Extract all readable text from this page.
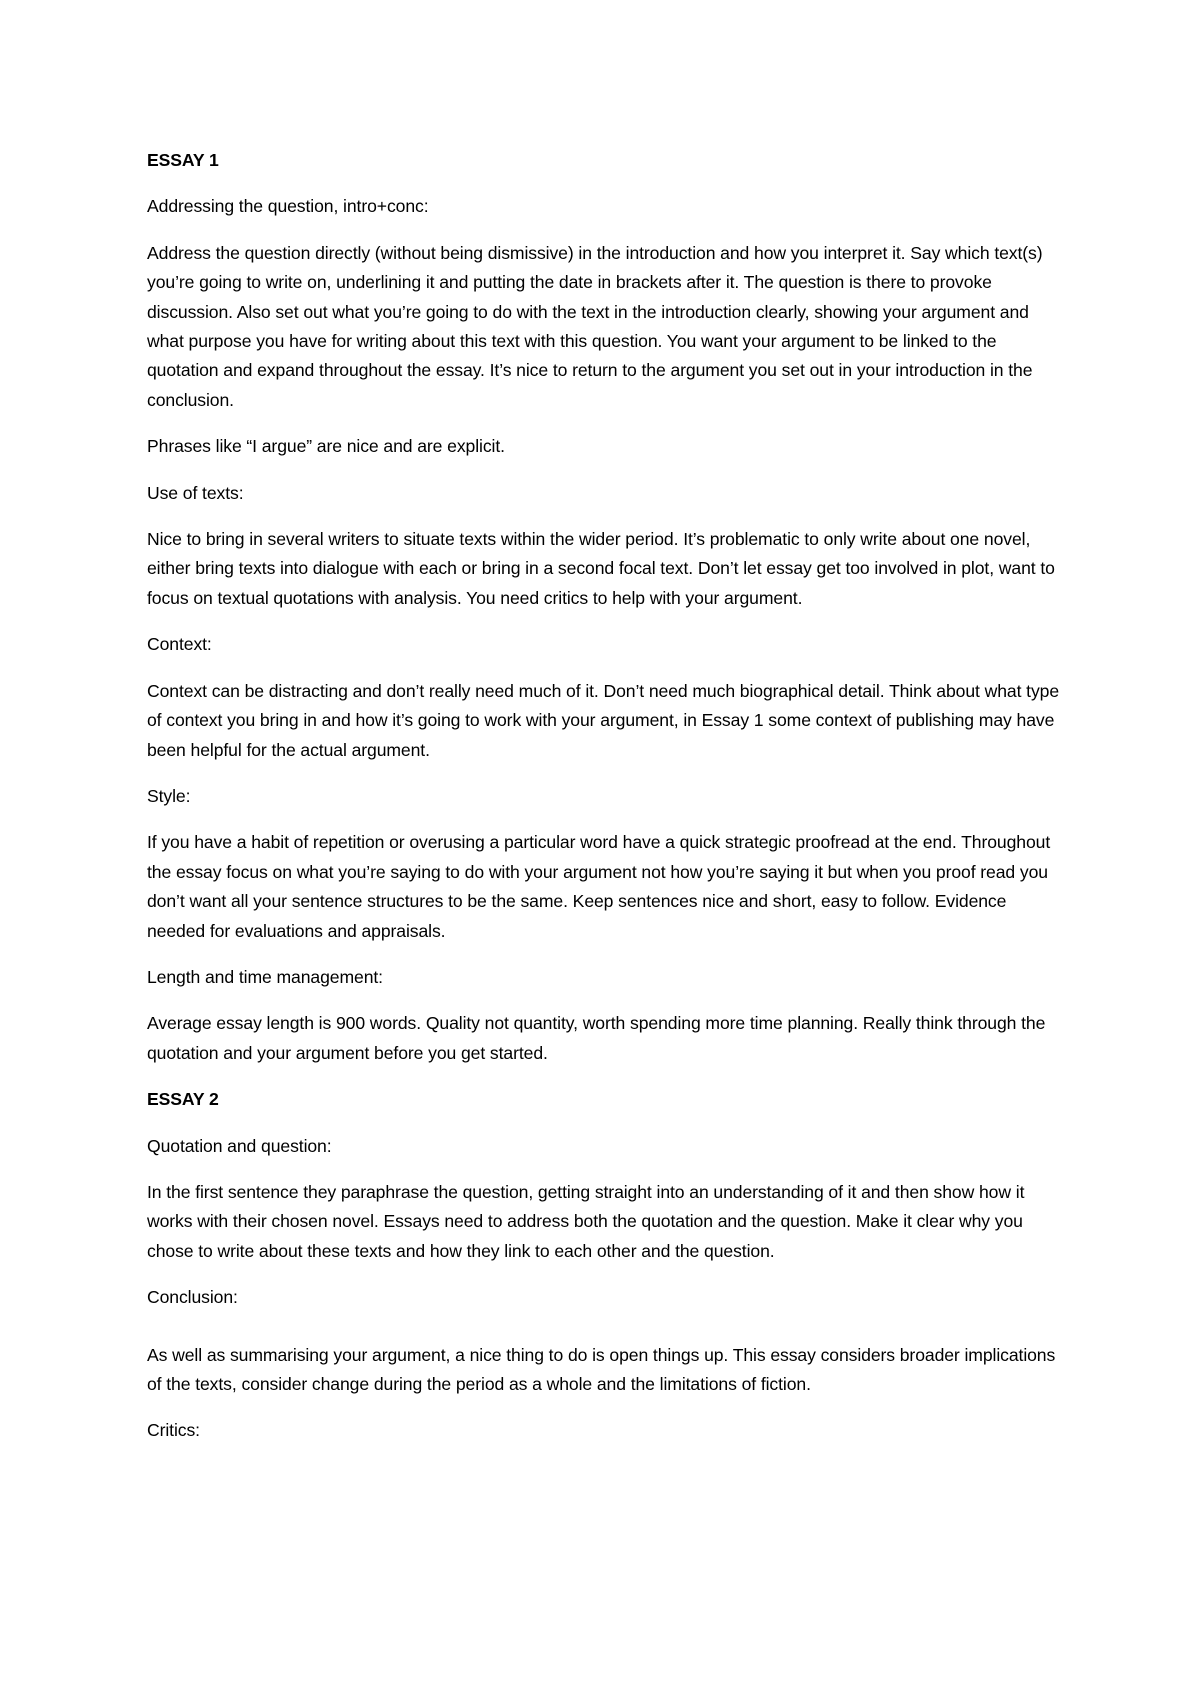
ESSAY 1
Addressing the question, intro+conc:
Address the question directly (without being dismissive) in the introduction and how you interpret it. Say which text(s) you’re going to write on, underlining it and putting the date in brackets after it. The question is there to provoke discussion. Also set out what you’re going to do with the text in the introduction clearly, showing your argument and what purpose you have for writing about this text with this question. You want your argument to be linked to the quotation and expand throughout the essay. It’s nice to return to the argument you set out in your introduction in the conclusion.
Phrases like “I argue” are nice and are explicit.
Use of texts:
Nice to bring in several writers to situate texts within the wider period. It’s problematic to only write about one novel, either bring texts into dialogue with each or bring in a second focal text. Don’t let essay get too involved in plot, want to focus on textual quotations with analysis. You need critics to help with your argument.
Context:
Context can be distracting and don’t really need much of it. Don’t need much biographical detail. Think about what type of context you bring in and how it’s going to work with your argument, in Essay 1 some context of publishing may have been helpful for the actual argument.
Style:
If you have a habit of repetition or overusing a particular word have a quick strategic proofread at the end. Throughout the essay focus on what you’re saying to do with your argument not how you’re saying it but when you proof read you don’t want all your sentence structures to be the same. Keep sentences nice and short, easy to follow. Evidence needed for evaluations and appraisals.
Length and time management:
Average essay length is 900 words. Quality not quantity, worth spending more time planning. Really think through the quotation and your argument before you get started.
ESSAY 2
Quotation and question:
In the first sentence they paraphrase the question, getting straight into an understanding of it and then show how it works with their chosen novel. Essays need to address both the quotation and the question. Make it clear why you chose to write about these texts and how they link to each other and the question.
Conclusion:
As well as summarising your argument, a nice thing to do is open things up. This essay considers broader implications of the texts, consider change during the period as a whole and the limitations of fiction.
Critics:
